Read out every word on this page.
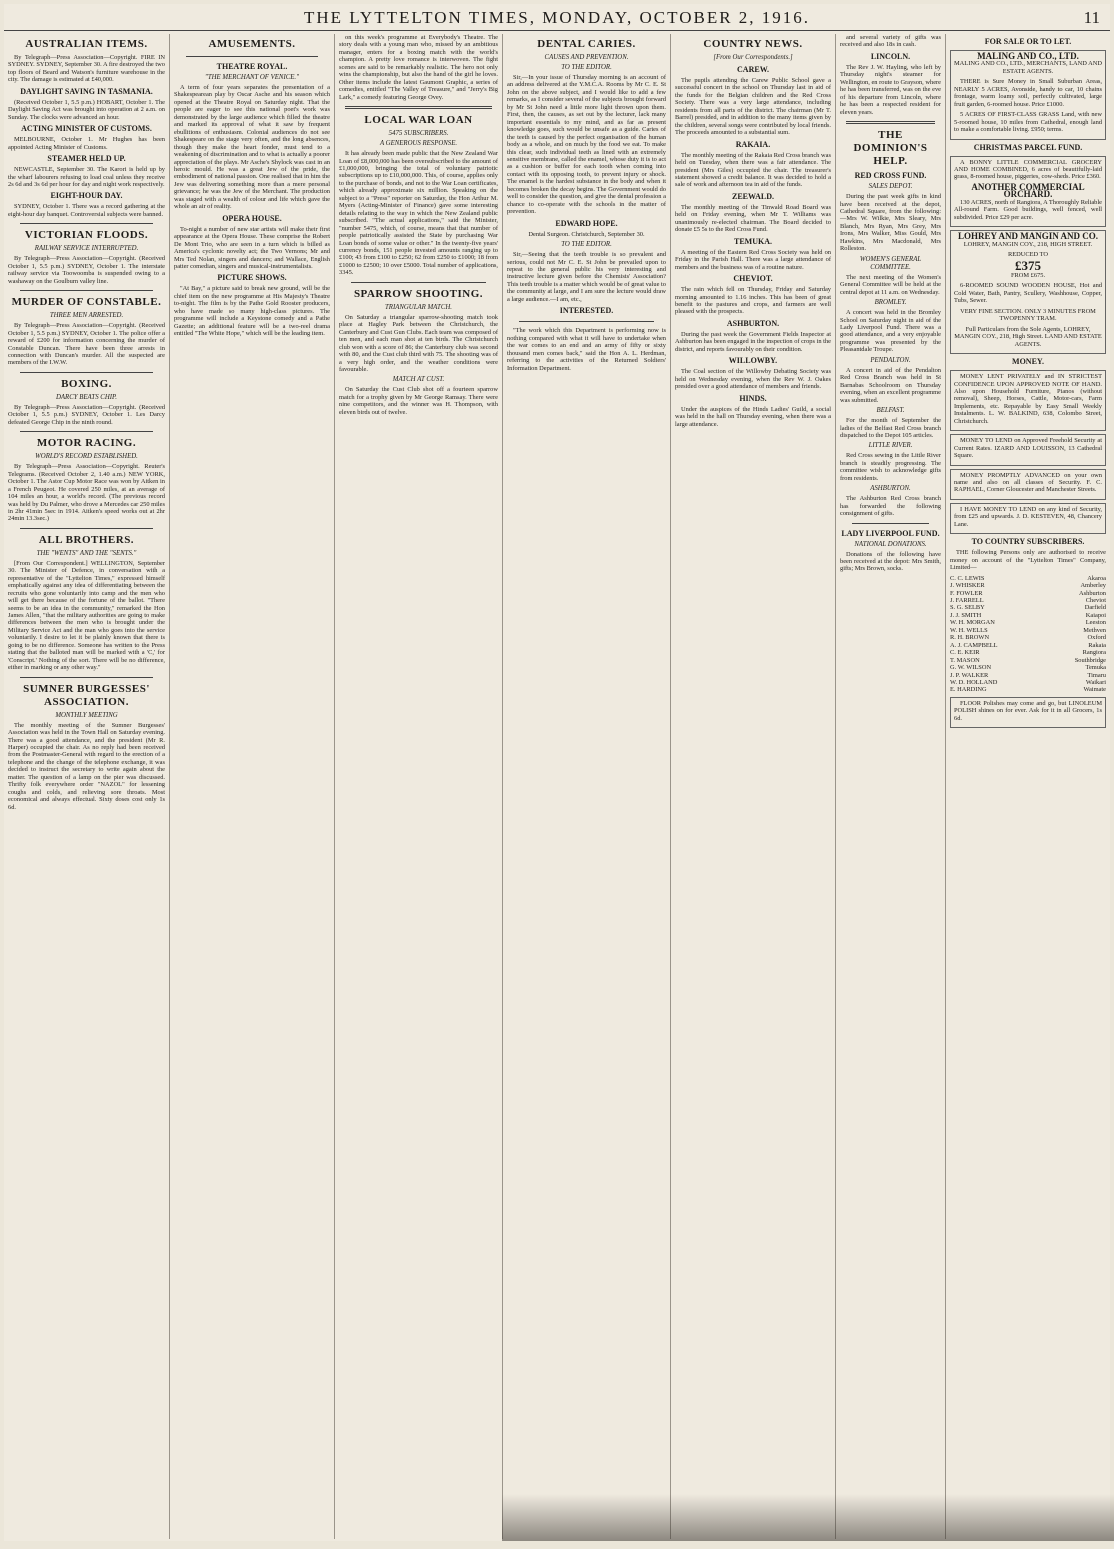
THE LYTTELTON TIMES, MONDAY, OCTOBER 2, 1916.	11
AUSTRALIAN ITEMS.

By Telegraph—Press Association—Copyright. FIRE IN SYDNEY. SYDNEY, September 30. A fire destroyed the two top floors of Beard and Watson's furniture warehouse in the city. The damage is estimated at £40,000.

DAYLIGHT SAVING IN TASMANIA.

(Received October 1, 5.5 p.m.) HOBART, October 1. The Daylight Saving Act was brought into operation at 2 a.m. on Sunday. The clocks were advanced an hour.

ACTING MINISTER OF CUSTOMS.

MELBOURNE, October 1. Mr Hughes has been appointed Acting Minister of Customs.

STEAMER HELD UP.

NEWCASTLE, September 30. The Karori is held up by the wharf labourers refusing to load coal unless they receive 2s 6d and 3s 6d per hour for day and night work respectively.

EIGHT-HOUR DAY.

SYDNEY, October 1. There was a record gathering at the eight-hour day banquet. Controversial subjects were banned.

VICTORIAN FLOODS.
RAILWAY SERVICE INTERRUPTED.

By Telegraph—Press Association—Copyright. (Received October 1, 5.5 p.m.) SYDNEY, October 1. The interstate railway service via Toowoomba is suspended owing to a washaway on the Goulburn valley line.

MURDER OF CONSTABLE.
THREE MEN ARRESTED.

By Telegraph—Press Association—Copyright. (Received October 1, 5.5 p.m.) SYDNEY, October 1. The police offer a reward of £200 for information concerning the murder of Constable Duncan. There have been three arrests in connection with Duncan's murder. All the suspected are members of the I.W.W.

BOXING.
DARCY BEATS CHIP.

By Telegraph—Press Association—Copyright. (Received October 1, 5.5 p.m.) SYDNEY, October 1. Les Darcy defeated George Chip in the ninth round.

MOTOR RACING.
WORLD'S RECORD ESTABLISHED.

By Telegraph—Press Association—Copyright. Reuter's Telegrams. (Received October 2, 1.40 a.m.) NEW YORK, October 1. The Astor Cup Motor Race was won by Aitken in a French Peugeot. He covered 250 miles, at an average of 104 miles an hour, a world's record. (The previous record was held by Du Palmer, who drove a Mercedes car 250 miles in 2hr 41min 5sec in 1914. Aitken's speed works out at 2hr 24min 13.3sec.)

ALL BROTHERS.
THE "WENTS" AND THE "SENTS."

[From Our Correspondent.] WELLINGTON, September 30. The Minister of Defence, in conversation with a representative of the "Lyttelton Times," expressed himself emphatically against any idea of differentiating between the recruits who gone voluntarily into camp and the men who will get there because of the fortune of the ballot. "There seems to be an idea in the community," remarked the Hon James Allen, "that the military authorities are going to make differences between the men who is brought under the Military Service Act and the man who goes into the service voluntarily. I desire to let it be plainly known that there is going to be no difference. Someone has written to the Press stating that the balloted man will be marked with a 'C,' for 'Conscript.' Nothing of the sort. There will be no difference, either in marking or any other way."

SUMNER BURGESSES' ASSOCIATION.
MONTHLY MEETING

The monthly meeting of the Sumner Burgesses' Association was held in the Town Hall on Saturday evening. There was a good attendance, and the president (Mr R. Harper) occupied the chair. As no reply had been received from the Postmaster-General with regard to the erection of a telephone and the change of the telephone exchange, it was decided to instruct the secretary to write again about the matter. The question of a lamp on the pier was discussed. Thrifty folk everywhere order "NAZOL" for lessening coughs and colds, and relieving sore throats. Most economical and always effectual. Sixty doses cost only 1s 6d.

AMUSEMENTS.
THEATRE ROYAL.
"THE MERCHANT OF VENICE."

A term of four years separates the presentation of a Shakespearean play by Oscar Asche and his season which opened at the Theatre Royal on Saturday night. That the people are eager to see this national poet's work was demonstrated by the large audience which filled the theatre and marked its approval of what it saw by frequent ebullitions of enthusiasm. Colonial audiences do not see Shakespeare on the stage very often, and the long absences, though they make the heart fonder, must tend to a weakening of discrimination and to what is actually a poorer appreciation of the plays. Mr Asche's Shylock was cast in an heroic mould. He was a great Jew of the pride, the embodiment of national passion. One realised that in him the Jew was delivering something more than a mere personal grievance; he was the Jew of the Merchant. The production was staged with a wealth of colour and life which gave the whole an air of reality.

OPERA HOUSE.

To-night a number of new star artists will make their first appearance at the Opera House. These comprise the Robert De Mont Trio, who are seen in a turn which is billed as America's cyclonic novelty act; the Two Vernons; Mr and Mrs Ted Nolan, singers and dancers; and Wallace, English patter comedian, singers and musical-instrumentalists.

PICTURE SHOWS.

"At Bay," a picture said to break new ground, will be the chief item on the new programme at His Majesty's Theatre to-night. The film is by the Pathe Gold Rooster producers, who have made so many high-class pictures. The programme will include a Keystone comedy and a Pathe Gazette; an additional feature will be a two-reel drama entitled "The White Hope," which will be the leading item.

on this week's programme at Everybody's Theatre. The story deals with a young man who, missed by an ambitious manager, enters for a boxing match with the world's champion. A pretty love romance is interwoven. The fight scenes are said to be remarkably realistic. The hero not only wins the championship, but also the hand of the girl he loves. Other items include the latest Gaumont Graphic, a series of comedies, entitled "The Valley of Treasure," and "Jerry's Big Lark," a comedy featuring George Ovey.

LOCAL WAR LOAN
5475 SUBSCRIBERS.
A GENEROUS RESPONSE.

It has already been made public that the New Zealand War Loan of £8,000,000 has been oversubscribed to the amount of £1,000,000, bringing the total of voluntary patriotic subscriptions up to £10,000,000. This, of course, applies only to the purchase of bonds, and not to the War Loan certificates, which already approximate six million. Speaking on the subject to a "Press" reporter on Saturday, the Hon Arthur M. Myers (Acting-Minister of Finance) gave some interesting details relating to the way in which the New Zealand public subscribed. "The actual applications," said the Minister, "number 5475, which, of course, means that that number of people patriotically assisted the State by purchasing War Loan bonds of some value or other." In the twenty-five years' currency bonds, 151 people invested amounts ranging up to £100; 43 from £100 to £250; 62 from £250 to £1000; 18 from £1000 to £2500; 10 over £5000. Total number of applications, 3345.

SPARROW SHOOTING.
TRIANGULAR MATCH.

On Saturday a triangular sparrow-shooting match took place at Hagley Park between the Christchurch, the Canterbury and Cust Gun Clubs. Each team was composed of ten men, and each man shot at ten birds. The Christchurch club won with a score of 86; the Canterbury club was second with 80, and the Cust club third with 75. The shooting was of a very high order, and the weather conditions were favourable.

MATCH AT CUST.

On Saturday the Cust Club shot off a fourteen sparrow match for a trophy given by Mr George Ramsay. There were nine competitors, and the winner was H. Thompson, with eleven birds out of twelve.

DENTAL CARIES.
CAUSES AND PREVENTION.
TO THE EDITOR.

Sir,—In your issue of Thursday morning is an account of an address delivered at the Y.M.C.A. Rooms by Mr C. E. St John on the above subject, and I would like to add a few remarks, as I consider several of the subjects brought forward by Mr St John need a little more light thrown upon them. First, then, the causes, as set out by the lecturer, lack many important essentials to my mind, and as far as present knowledge goes, such would be unsafe as a guide. Caries of the teeth is caused by the perfect organisation of the human body as a whole, and on much by the food we eat. To make this clear, such individual teeth as lined with an extremely sensitive membrane, called the enamel, whose duty it is to act as a cushion or buffer for each tooth when coming into contact with its opposing tooth, to prevent injury or shock. The enamel is the hardest substance in the body and when it becomes broken the decay begins. The Government would do well to consider the question, and give the dental profession a chance to co-operate with the schools in the matter of prevention.

EDWARD HOPE.

Dental Surgeon. Christchurch, September 30.

TO THE EDITOR.

Sir,—Seeing that the teeth trouble is so prevalent and serious, could not Mr C. E. St John be prevailed upon to repeat to the general public his very interesting and instructive lecture given before the Chemists' Association? This teeth trouble is a matter which would be of great value to the community at large, and I am sure the lecture would draw a large audience.—I am, etc.,

INTERESTED.

"The work which this Department is performing now is nothing compared with what it will have to undertake when the war comes to an end and an army of fifty or sixty thousand men comes back," said the Hon A. L. Herdman, referring to the activities of the Returned Soldiers' Information Department.

COUNTRY NEWS.
[From Our Correspondents.]
CAREW.

The pupils attending the Carew Public School gave a successful concert in the school on Thursday last in aid of the funds for the Belgian children and the Red Cross Society. There was a very large attendance, including residents from all parts of the district. The chairman (Mr T. Barrel) presided, and in addition to the many items given by the children, several songs were contributed by local friends. The proceeds amounted to a substantial sum.

RAKAIA.

The monthly meeting of the Rakaia Red Cross branch was held on Tuesday, when there was a fair attendance. The president (Mrs Giles) occupied the chair. The treasurer's statement showed a credit balance. It was decided to hold a sale of work and afternoon tea in aid of the funds.

ZEEWALD.

The monthly meeting of the Tinwald Road Board was held on Friday evening, when Mr T. Williams was unanimously re-elected chairman. The Board decided to donate £5 5s to the Red Cross Fund.

TEMUKA.

A meeting of the Eastern Red Cross Society was held on Friday in the Parish Hall. There was a large attendance of members and the business was of a routine nature.

CHEVIOT.

The rain which fell on Thursday, Friday and Saturday morning amounted to 1.16 inches. This has been of great benefit to the pastures and crops, and farmers are well pleased with the prospects.

ASHBURTON.

During the past week the Government Fields Inspector at Ashburton has been engaged in the inspection of crops in the district, and reports favourably on their condition.

WILLOWBY.

The Coal section of the Willowby Debating Society was held on Wednesday evening, when the Rev W. J. Oakes presided over a good attendance of members and friends.

HINDS.

Under the auspices of the Hinds Ladies' Guild, a social was held in the hall on Thursday evening, when there was a large attendance.

and several variety of gifts was received and also 18s in cash.

LINCOLN.

The Rev J. W. Hayling, who left by Thursday night's steamer for Wellington, en route to Grayson, where he has been transferred, was on the eve of his departure from Lincoln, where he has been a respected resident for eleven years.

THE DOMINION'S HELP.
RED CROSS FUND.
SALES DEPOT.

During the past week gifts in kind have been received at the depot, Cathedral Square, from the following:—Mrs W. Wilkie, Mrs Sleary, Mrs Blanch, Mrs Ryan, Mrs Grey, Mrs Irons, Mrs Walker, Miss Gould, Mrs Hawkins, Mrs Macdonald, Mrs Rolleston.

WOMEN'S GENERAL COMMITTEE.

The next meeting of the Women's General Committee will be held at the central depot at 11 a.m. on Wednesday.

BROMLEY.

A concert was held in the Bromley School on Saturday night in aid of the Lady Liverpool Fund. There was a good attendance, and a very enjoyable programme was presented by the Pleasantdale Troupe.

PENDALTON.

A concert in aid of the Pendalton Red Cross Branch was held in St Barnabas Schoolroom on Thursday evening, when an excellent programme was submitted.

BELFAST.

For the month of September the ladies of the Belfast Red Cross branch dispatched to the Depot 105 articles.

LITTLE RIVER.

Red Cross sewing in the Little River branch is steadily progressing. The committee wish to acknowledge gifts from residents.

ASHBURTON.

The Ashburton Red Cross branch has forwarded the following consignment of gifts.

LADY LIVERPOOL FUND.
NATIONAL DONATIONS.

Donations of the following have been received at the depot: Mrs Smith, gifts; Mrs Brown, socks.

FOR SALE OR TO LET.
MALING AND CO., LTD.

MALING AND CO., LTD., MERCHANTS, LAND AND ESTATE AGENTS.

THERE is Sure Money in Small Suburban Areas, NEARLY 5 ACRES, Avonside, handy to car, 10 chains frontage, warm loamy soil, perfectly cultivated, large fruit garden, 6-roomed house. Price £1000.

5 ACRES OF FIRST-CLASS GRASS Land, with new 5-roomed house, 10 miles from Cathedral, enough land to make a comfortable living. £950; terms.

CHRISTMAS PARCEL FUND.

A BONNY LITTLE COMMERCIAL GROCERY AND HOME COMBINED, 6 acres of beautifully-laid grass, 8-roomed house, piggeries, cow-sheds. Price £360.

ANOTHER COMMERCIAL ORCHARD.

130 ACRES, north of Rangiora, A Thoroughly Reliable All-round Farm. Good buildings, well fenced, well subdivided. Price £29 per acre.

LOHREY AND MANGIN AND CO.

LOHREY, MANGIN COY., 218, HIGH STREET.

REDUCED TO

£375

FROM £675.

6-ROOMED SOUND WOODEN HOUSE, Hot and Cold Water, Bath, Pantry, Scullery, Washhouse, Copper, Tubs, Sewer.

VERY FINE SECTION. ONLY 3 MINUTES FROM TWOPENNY TRAM.

Full Particulars from the Sole Agents, LOHREY, MANGIN COY., 218, High Street. LAND AND ESTATE AGENTS.

MONEY.

MONEY LENT PRIVATELY and IN STRICTEST CONFIDENCE UPON APPROVED NOTE OF HAND. Also upon Household Furniture, Pianos (without removal), Sheep, Horses, Cattle, Motor-cars, Farm Implements, etc. Repayable by Easy Small Weekly Instalments. L. W. BALKIND, 638, Colombo Street, Christchurch.

MONEY TO LEND on Approved Freehold Security at Current Rates. IZARD AND LOUISSON, 13 Cathedral Square.

MONEY PROMPTLY ADVANCED on your own name and also on all classes of Security. F. C. RAPHAEL, Corner Gloucester and Manchester Streets.

I HAVE MONEY TO LEND on any kind of Security, from £25 and upwards. J. D. KESTEVEN, 48, Chancery Lane.

TO COUNTRY SUBSCRIBERS.

THE following Persons only are authorised to receive money on account of the "Lyttelton Times" Company, Limited—

C. C. LEWIS	Akaroa
J. WHISKER	Amberley
F. FOWLER	Ashburton
J. FARRELL	Cheviot
S. G. SELBY	Darfield
J. J. SMITH	Kaiapoi
W. H. MORGAN	Leeston
W. H. WELLS	Methven
R. H. BROWN	Oxford
A. J. CAMPBELL	Rakaia
C. E. KEIR	Rangiora
T. MASON	Southbridge
G. W. WILSON	Temuka
J. P. WALKER	Timaru
W. D. HOLLAND	Waikari
E. HARDING	Waimate

FLOOR Polishes may come and go, but LINOLEUM POLISH shines on for ever. Ask for it in all Grocers, 1s 6d.
